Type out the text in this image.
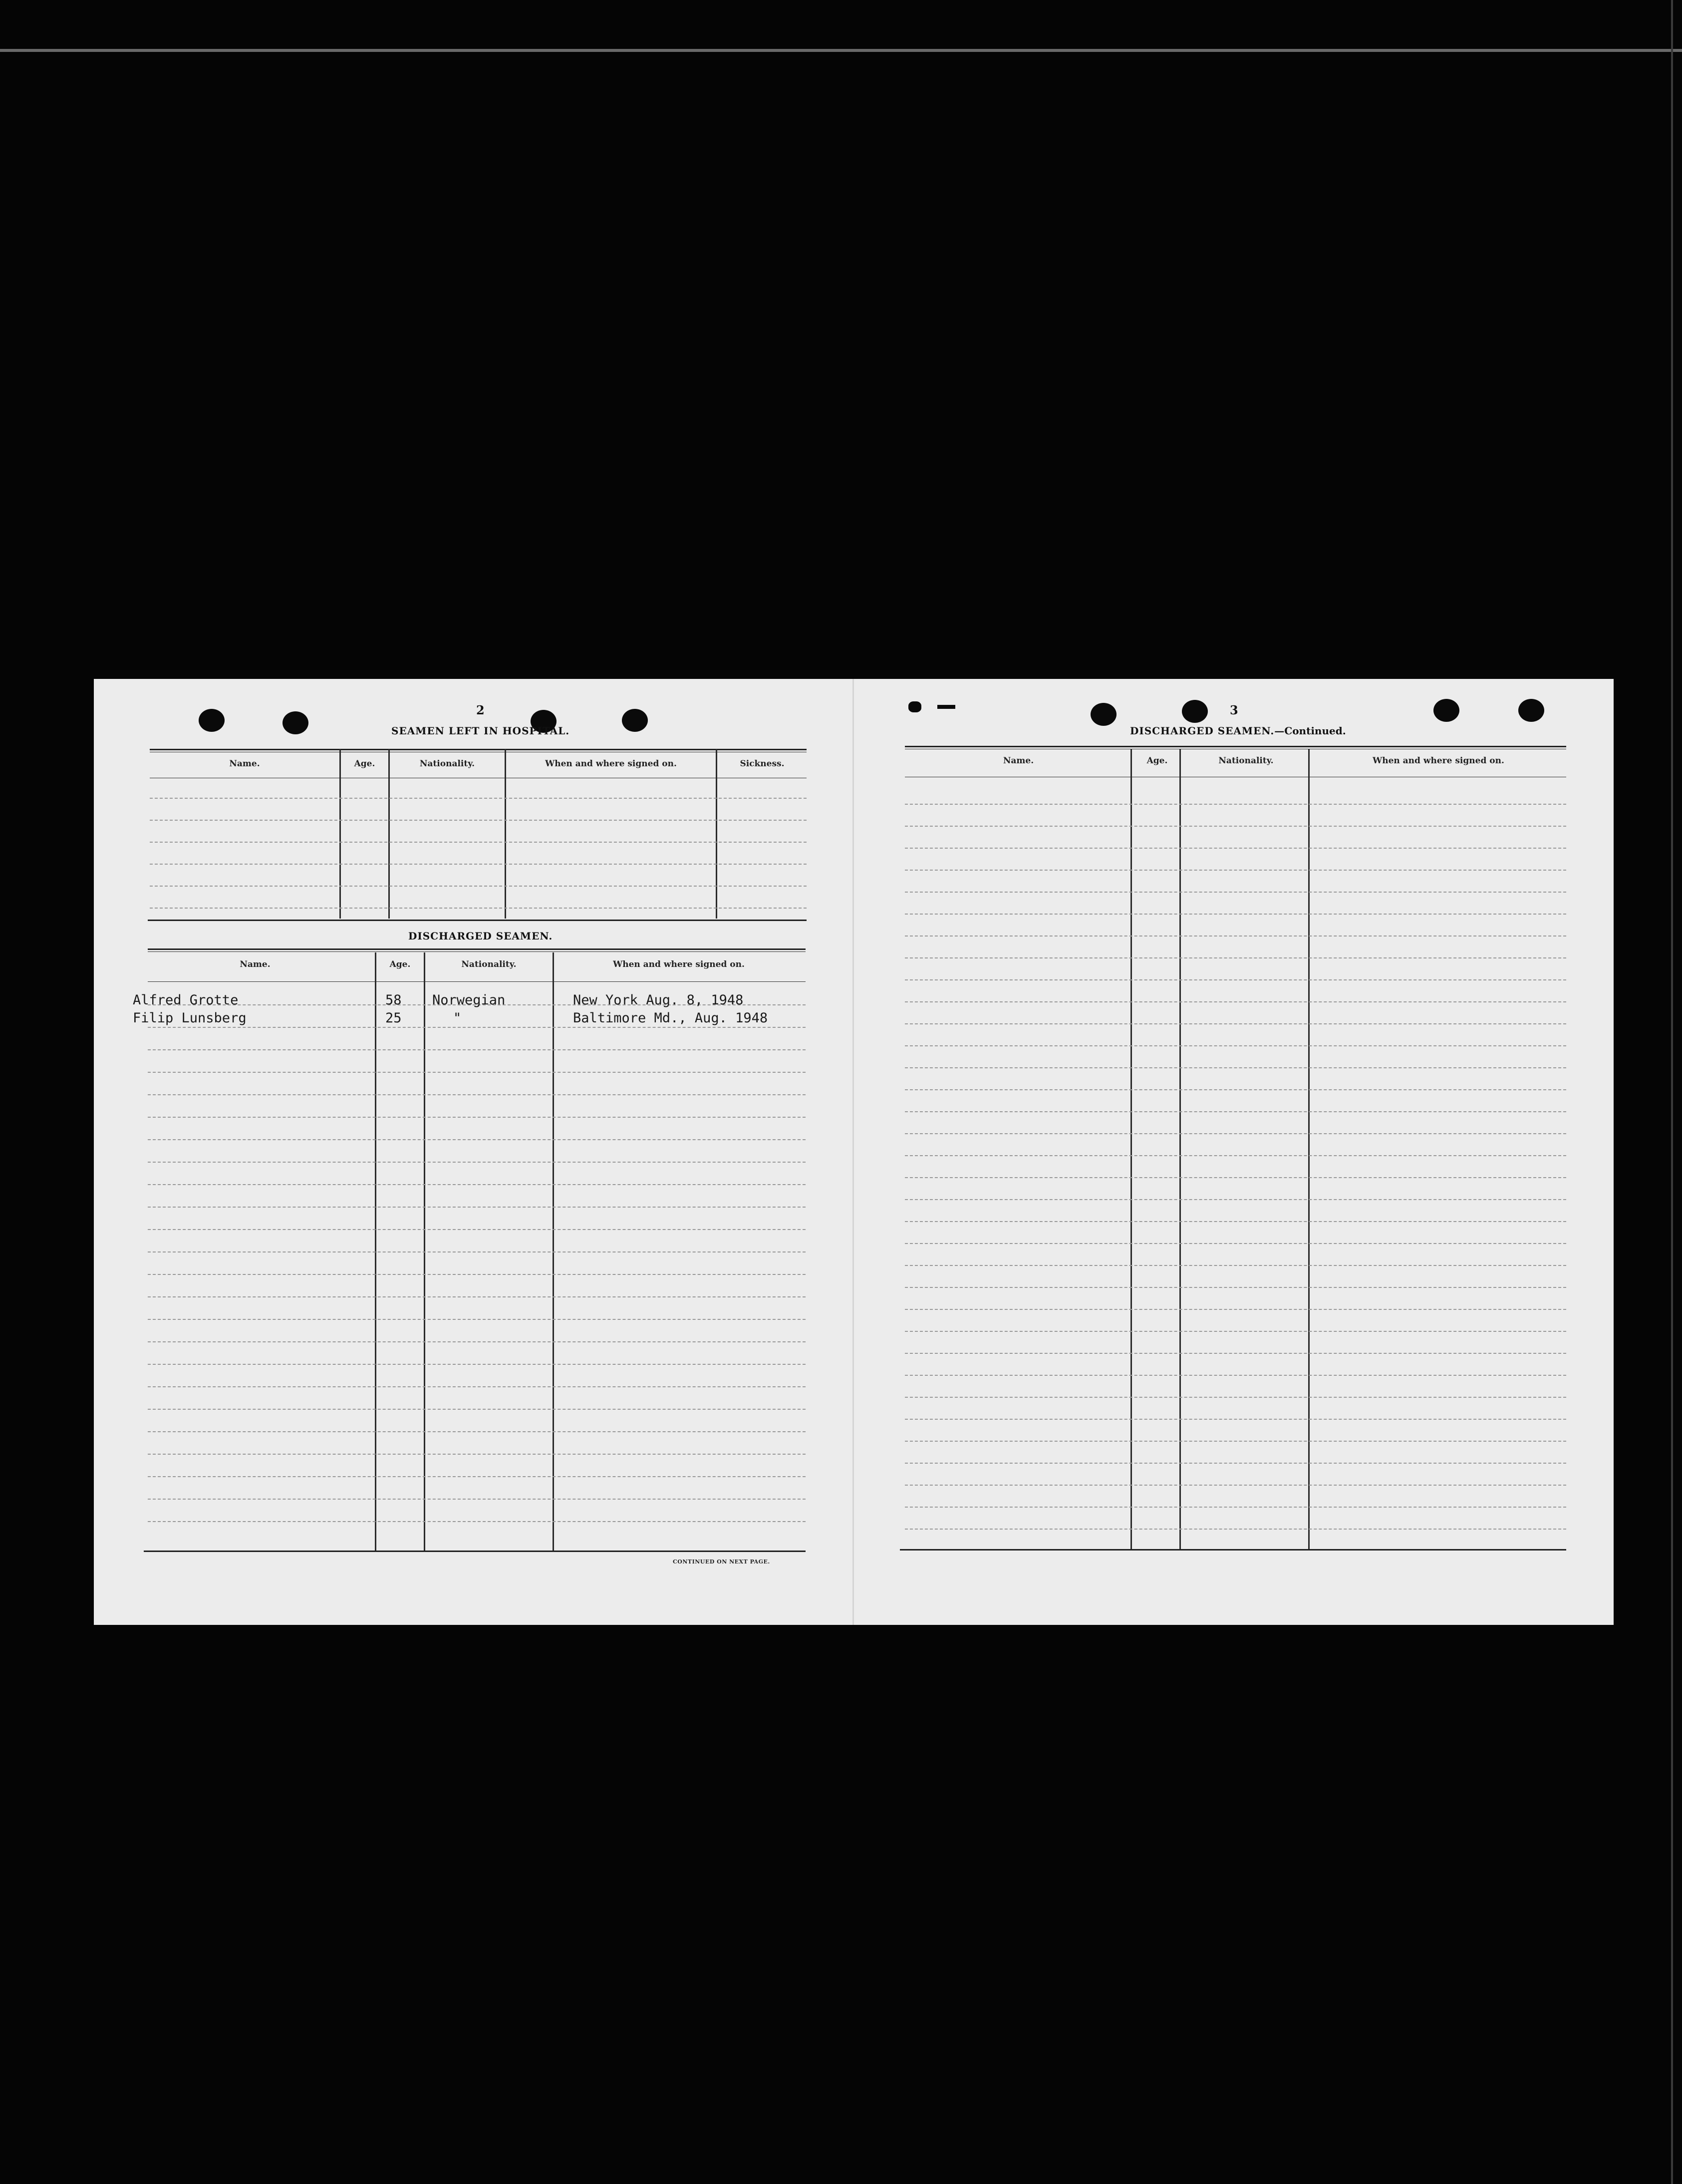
2
SEAMEN LEFT IN HOSPITAL.
Name.	Age.	Nationality.	When and where signed on.	Sickness.
DISCHARGED SEAMEN.
Name.	Age.	Nationality.	When and where signed on.
Alfred Grotte	58 Norwegian	New York Aug. 8, 1948
Filip Lunsberg	25	"	Baltimore Md., Aug. 1948
CONTINUED ON NEXT PAGE.
3
DISCHARGED SEAMEN.—Continued.
Name.	Age.	Nationality.	When and where signed on.
